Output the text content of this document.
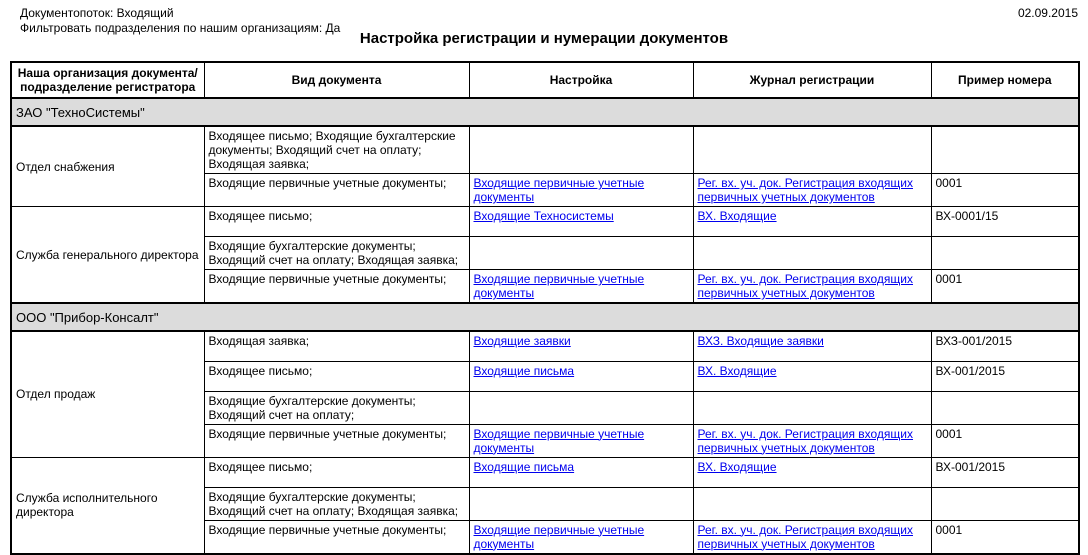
Документопоток: Входящий
Фильтровать подразделения по нашим организациям: Да
02.09.2015
Настройка регистрации и нумерации документов
Наша организация документа/ подразделение регистратора	Вид документа	Настройка	Журнал регистрации	Пример номера
ЗАО "ТехноСистемы"				
Отдел снабжения	Входящее письмо; Входящие бухгалтерские документы; Входящий счет на оплату; Входящая заявка;			
	Входящие первичные учетные документы;	Входящие первичные учетные документы	Рег. вх. уч. док. Регистрация входящих первичных учетных документов	0001
Служба генерального директора	Входящее письмо;	Входящие Техносистемы	ВХ. Входящие	ВХ-0001/15
	Входящие бухгалтерские документы; Входящий счет на оплату; Входящая заявка;			
	Входящие первичные учетные документы;	Входящие первичные учетные документы	Рег. вх. уч. док. Регистрация входящих первичных учетных документов	0001
ООО "Прибор-Консалт"				
Отдел продаж	Входящая заявка;	Входящие заявки	ВХЗ. Входящие заявки	ВХЗ-001/2015
	Входящее письмо;	Входящие письма	ВХ. Входящие	ВХ-001/2015
	Входящие бухгалтерские документы; Входящий счет на оплату;			
	Входящие первичные учетные документы;	Входящие первичные учетные документы	Рег. вх. уч. док. Регистрация входящих первичных учетных документов	0001
Служба исполнительного директора	Входящее письмо;	Входящие письма	ВХ. Входящие	ВХ-001/2015
	Входящие бухгалтерские документы; Входящий счет на оплату; Входящая заявка;			
	Входящие первичные учетные документы;	Входящие первичные учетные документы	Рег. вх. уч. док. Регистрация входящих первичных учетных документов	0001
